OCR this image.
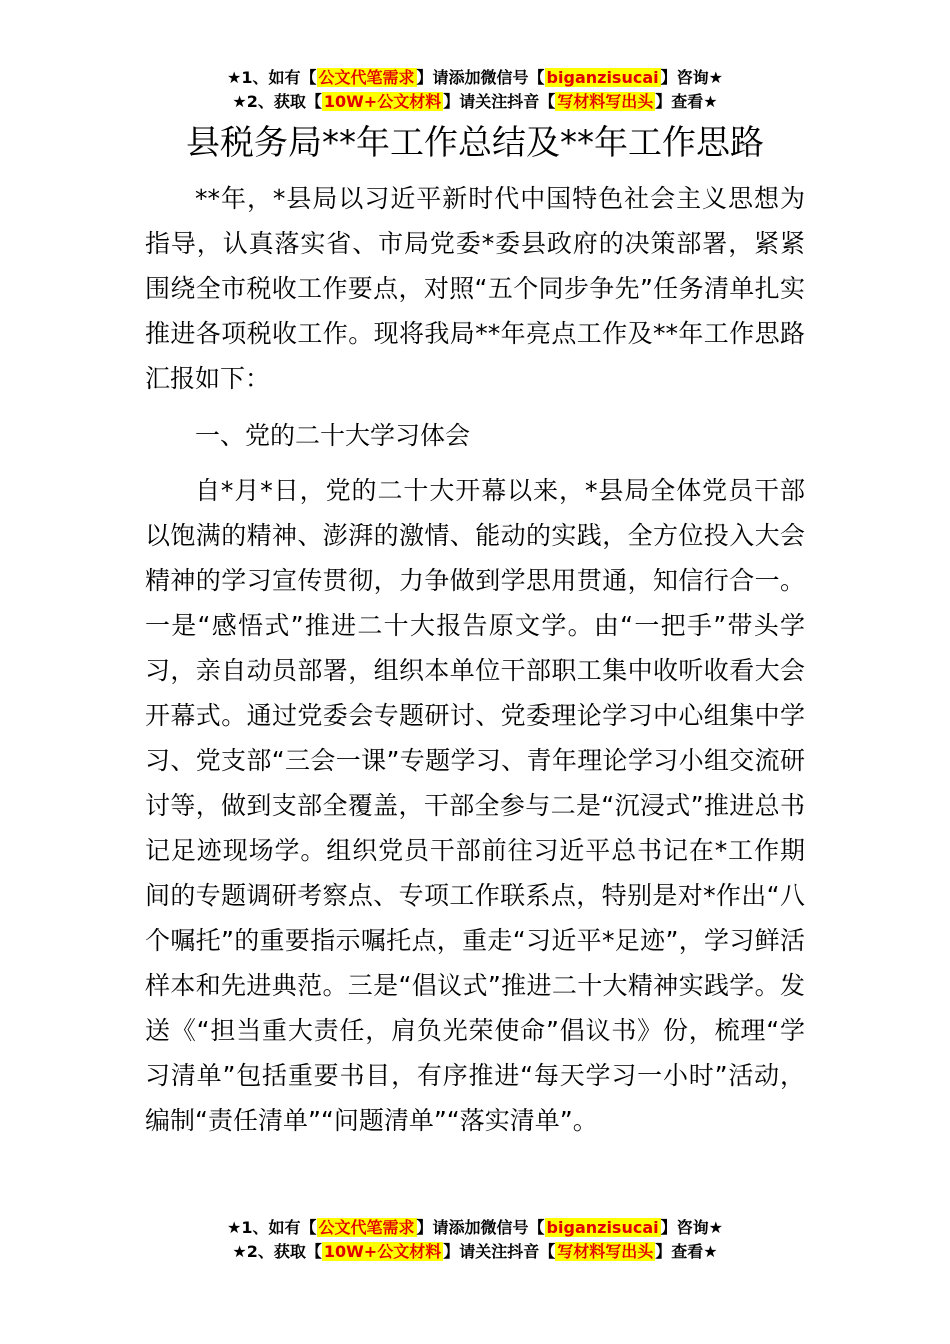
★1、如有【 公文代笔需求 】请添加微信号【 biganzisucai 】咨询★
★2、获取【 10W+公文材料 】请关注抖音【 写材料写出头 】查看★
县税务局**年工作总结及**年工作思路

**年，*县局以习近平新时代中国特色社会主义思想为指导，认真落实省、市局党委*委县政府的决策部署，紧紧围绕全市税收工作要点，对照“五个同步争先”任务清单扎实推进各项税收工作。现将我局**年亮点工作及**年工作思路汇报如下：

一、党的二十大学习体会

自*月*日，党的二十大开幕以来，*县局全体党员干部以饱满的精神、澎湃的激情、能动的实践，全方位投入大会精神的学习宣传贯彻，力争做到学思用贯通，知信行合一。一是“感悟式”推进二十大报告原文学。由“一把手”带头学习，亲自动员部署，组织本单位干部职工集中收听收看大会开幕式。通过党委会专题研讨、党委理论学习中心组集中学习、党支部“三会一课”专题学习、青年理论学习小组交流研讨等，做到支部全覆盖，干部全参与二是“沉浸式”推进总书记足迹现场学。组织党员干部前往习近平总书记在*工作期间的专题调研考察点、专项工作联系点，特别是对*作出“八个嘱托”的重要指示嘱托点，重走“习近平*足迹”，学习鲜活样本和先进典范。三是“倡议式”推进二十大精神实践学。发送《“担当重大责任，肩负光荣使命”倡议书》份，梳理“学习清单”包括重要书目，有序推进“每天学习一小时”活动，编制“责任清单”“问题清单”“落实清单”。

★1、如有【 公文代笔需求 】请添加微信号【 biganzisucai 】咨询★
★2、获取【 10W+公文材料 】请关注抖音【 写材料写出头 】查看★
